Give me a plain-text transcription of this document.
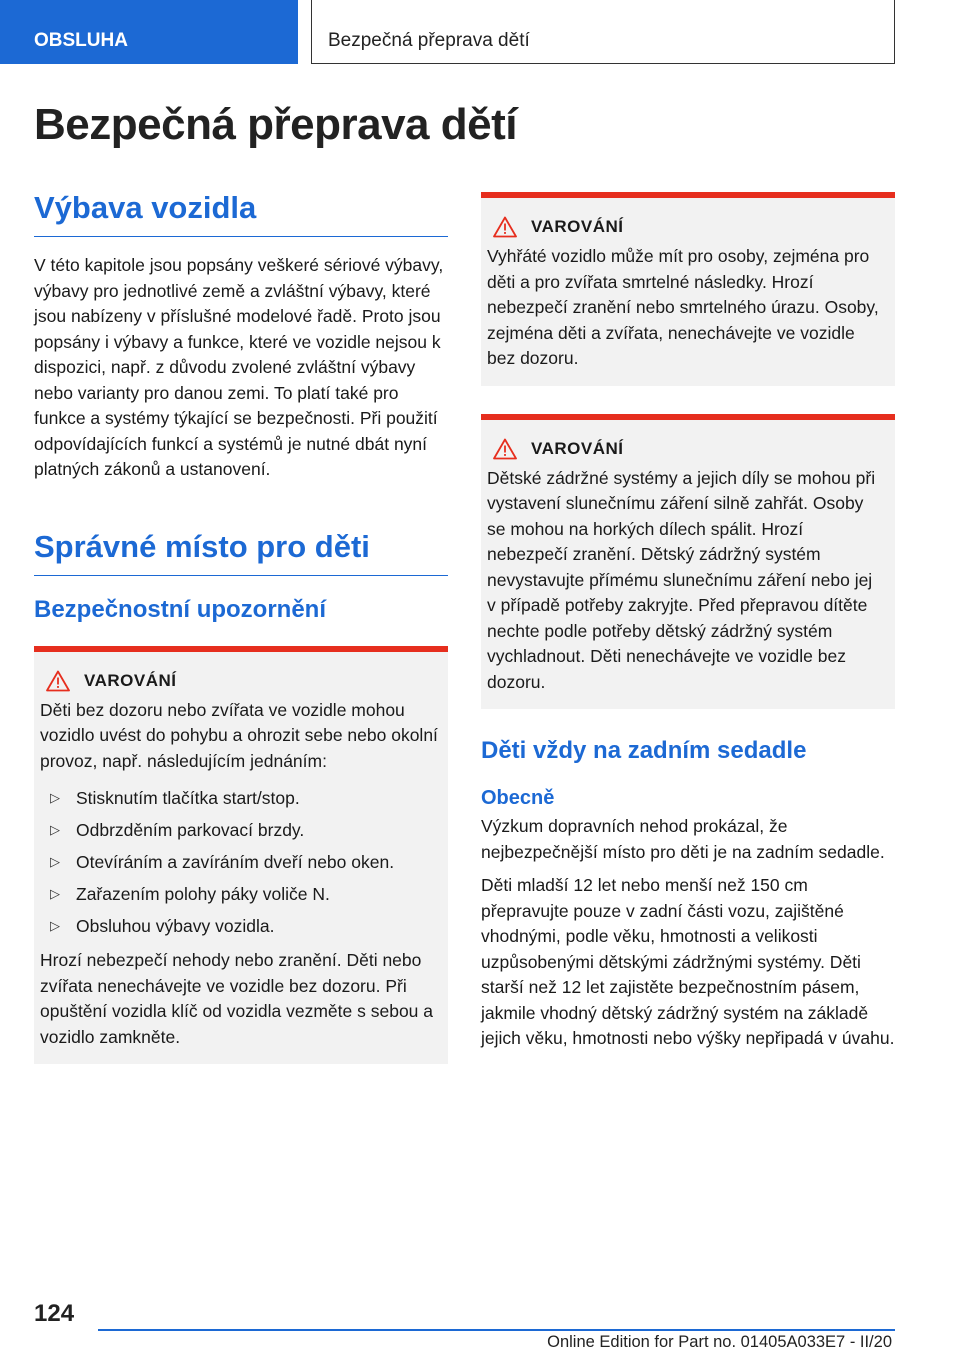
OBSLUHA	Bezpečná přeprava dětí
Bezpečná přeprava dětí
Výbava vozidla

V této kapitole jsou popsány veškeré sériové výbavy, výbavy pro jednotlivé země a zvláštní výbavy, které jsou nabízeny v příslušné modelové řadě. Proto jsou popsány i výbavy a funkce, které ve vozidle nejsou k dispozici, např. z důvodu zvolené zvláštní výbavy nebo varianty pro danou zemi. To platí také pro funkce a systémy týkající se bezpečnosti. Při použití odpovídajících funkcí a systémů je nutné dbát nyní platných zákonů a ustanovení.

Správné místo pro děti
Bezpečnostní upozornění
VAROVÁNÍ

Děti bez dozoru nebo zvířata ve vozidle mohou vozidlo uvést do pohybu a ohrozit sebe nebo okolní provoz, např. následujícím jednáním:

▷ Stisknutím tlačítka start/stop.
▷ Odbrzděním parkovací brzdy.
▷ Otevíráním a zavíráním dveří nebo oken.
▷ Zařazením polohy páky voliče N.
▷ Obsluhou výbavy vozidla.

Hrozí nebezpečí nehody nebo zranění. Děti nebo zvířata nenechávejte ve vozidle bez dozoru. Při opuštění vozidla klíč od vozidla vezměte s sebou a vozidlo zamkněte.

VAROVÁNÍ

Vyhřáté vozidlo může mít pro osoby, zejména pro děti a pro zvířata smrtelné následky. Hrozí nebezpečí zranění nebo smrtelného úrazu. Osoby, zejména děti a zvířata, nenechávejte ve vozidle bez dozoru.

VAROVÁNÍ

Dětské zádržné systémy a jejich díly se mohou při vystavení slunečnímu záření silně zahřát. Osoby se mohou na horkých dílech spálit. Hrozí nebezpečí zranění. Dětský zádržný systém nevystavujte přímému slunečnímu záření nebo jej v případě potřeby zakryjte. Před přepravou dítěte nechte podle potřeby dětský zádržný systém vychladnout. Děti nenechávejte ve vozidle bez dozoru.

Děti vždy na zadním sedadle
Obecně

Výzkum dopravních nehod prokázal, že nejbezpečnější místo pro děti je na zadním sedadle.

Děti mladší 12 let nebo menší než 150 cm přepravujte pouze v zadní části vozu, zajištěné vhodnými, podle věku, hmotnosti a velikosti uzpůsobenými dětskými zádržnými systémy. Děti starší než 12 let zajistěte bezpečnostním pásem, jakmile vhodný dětský zádržný systém na základě jejich věku, hmotnosti nebo výšky nepřipadá v úvahu.

124
Online Edition for Part no. 01405A033E7 - II/20
